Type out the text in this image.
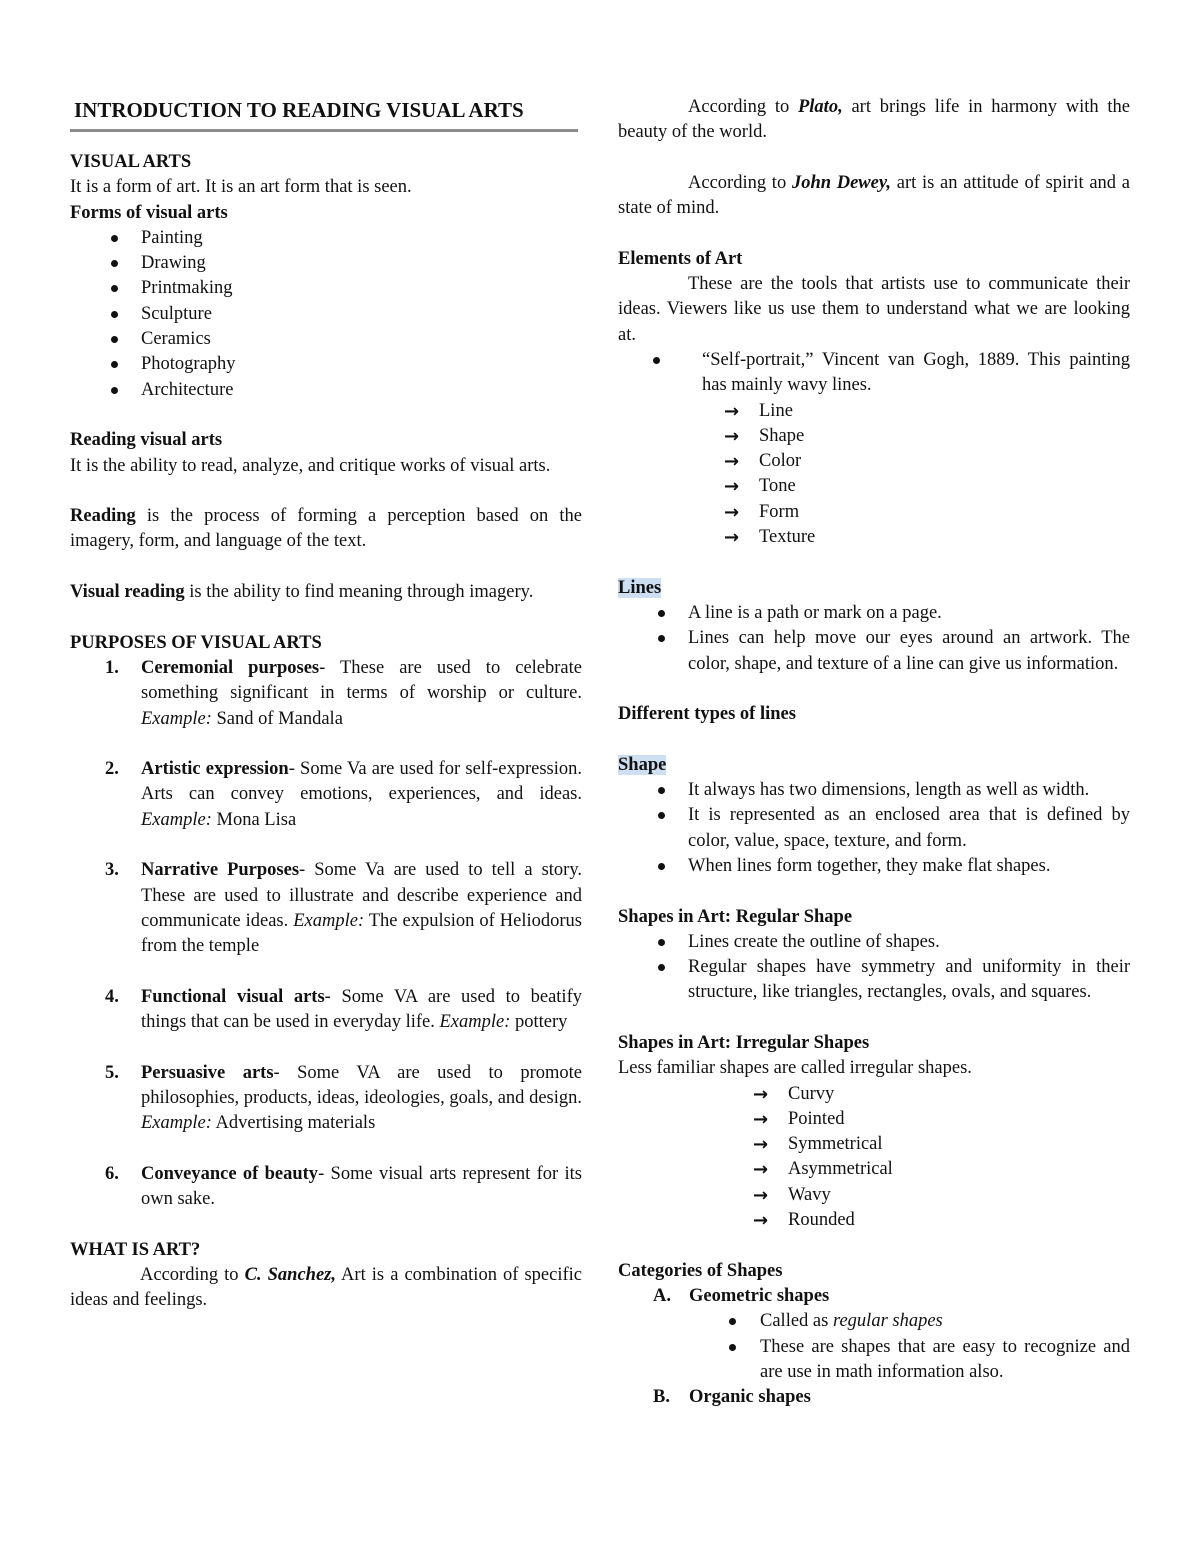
INTRODUCTION TO READING VISUAL ARTS

VISUAL ARTS

It is a form of art. It is an art form that is seen.

Forms of visual arts

Painting
Drawing
Printmaking
Sculpture
Ceramics
Photography
Architecture

Reading visual arts

It is the ability to read, analyze, and critique works of visual arts.

Reading is the process of forming a perception based on the imagery, form, and language of the text.

Visual reading is the ability to find meaning through imagery.

PURPOSES OF VISUAL ARTS

1. Ceremonial purposes- These are used to celebrate something significant in terms of worship or culture. Example: Sand of Mandala
2. Artistic expression- Some Va are used for self-expression. Arts can convey emotions, experiences, and ideas. Example: Mona Lisa
3. Narrative Purposes- Some Va are used to tell a story. These are used to illustrate and describe experience and communicate ideas. Example: The expulsion of Heliodorus from the temple
4. Functional visual arts- Some VA are used to beatify things that can be used in everyday life. Example: pottery
5. Persuasive arts- Some VA are used to promote philosophies, products, ideas, ideologies, goals, and design. Example: Advertising materials
6. Conveyance of beauty- Some visual arts represent for its own sake.

WHAT IS ART?

According to C. Sanchez, Art is a combination of specific ideas and feelings.

According to Plato, art brings life in harmony with the beauty of the world.

According to John Dewey, art is an attitude of spirit and a state of mind.

Elements of Art

These are the tools that artists use to communicate their ideas. Viewers like us use them to understand what we are looking at.

“Self-portrait,” Vincent van Gogh, 1889. This painting has mainly wavy lines.
→ Line
→ Shape
→ Color
→ Tone
→ Form
→ Texture

Lines

A line is a path or mark on a page.
Lines can help move our eyes around an artwork. The color, shape, and texture of a line can give us information.

Different types of lines

Shape

It always has two dimensions, length as well as width.
It is represented as an enclosed area that is defined by color, value, space, texture, and form.
When lines form together, they make flat shapes.

Shapes in Art: Regular Shape

Lines create the outline of shapes.
Regular shapes have symmetry and uniformity in their structure, like triangles, rectangles, ovals, and squares.

Shapes in Art: Irregular Shapes

Less familiar shapes are called irregular shapes.

→ Curvy
→ Pointed
→ Symmetrical
→ Asymmetrical
→ Wavy
→ Rounded

Categories of Shapes

A. Geometric shapes
Called as regular shapes
These are shapes that are easy to recognize and are use in math information also.
B. Organic shapes
